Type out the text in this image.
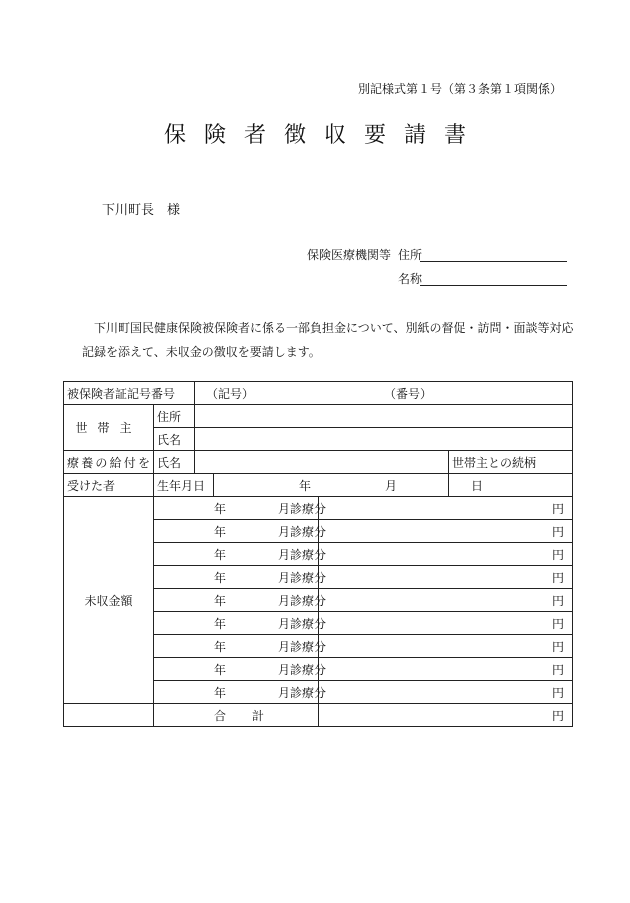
別記様式第１号（第３条第１項関係）
保険者徴収要請書
下川町長　様
保険医療機関等 住所
名称
下川町国民健康保険被保険者に係る一部負担金について、別紙の督促・訪問・面談等対応記録を添えて、未収金の徴収を要請します。
被保険者証記号番号		（記号） （番号）			
世帯主	住所				
	氏名				
療養の給付を	氏名				世帯主との続柄
受けた者	生年月日		年 月 日		
未収金額	年 月診療分			円	
	年 月診療分			円	
	年 月診療分			円	
	年 月診療分			円	
	年 月診療分			円	
	年 月診療分			円	
	年 月診療分			円	
	年 月診療分			円	
	年 月診療分			円	
	合 計			円	
